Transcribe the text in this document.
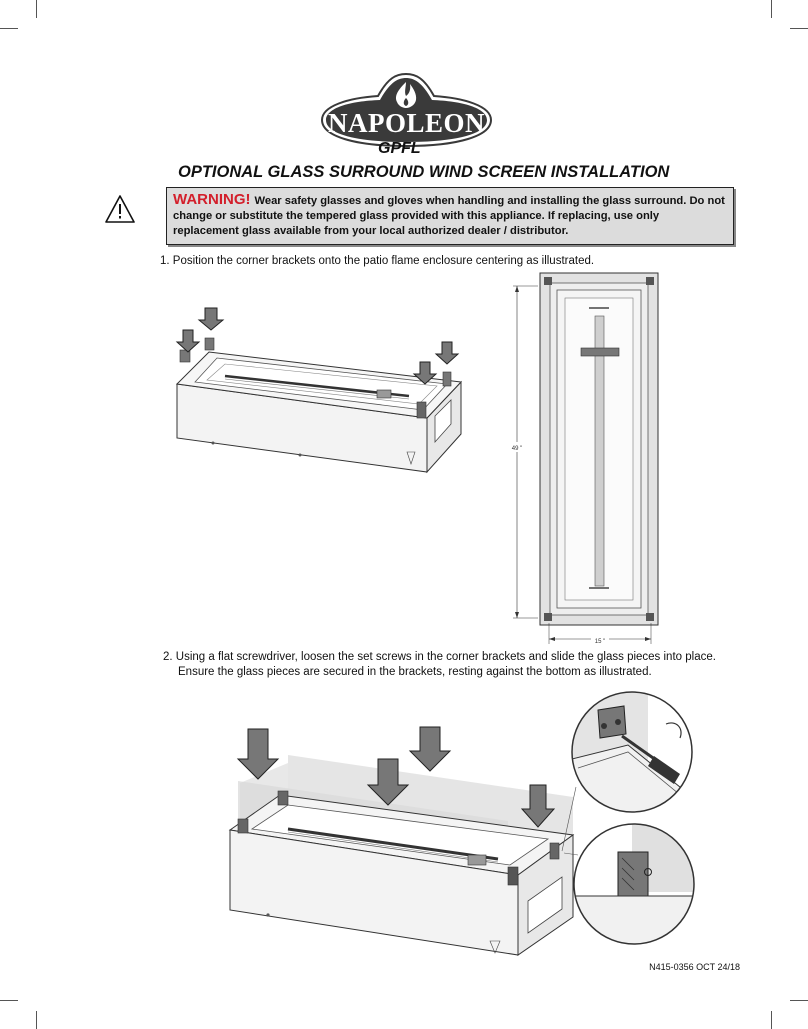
NAPOLEON
GPFL
OPTIONAL GLASS SURROUND WIND SCREEN INSTALLATION
WARNING! Wear safety glasses and gloves when handling and installing the glass surround. Do not change or substitute the tempered glass provided with this appliance. If replacing, use only replacement glass available from your local authorized dealer / distributor.
1. Position the corner brackets onto the patio flame enclosure centering as illustrated.
49 "
15 "
2. Using a flat screwdriver, loosen the set screws in the corner brackets and slide the glass pieces into place.
Ensure the glass pieces are secured in the brackets, resting against the bottom as illustrated.
N415-0356 OCT 24/18
